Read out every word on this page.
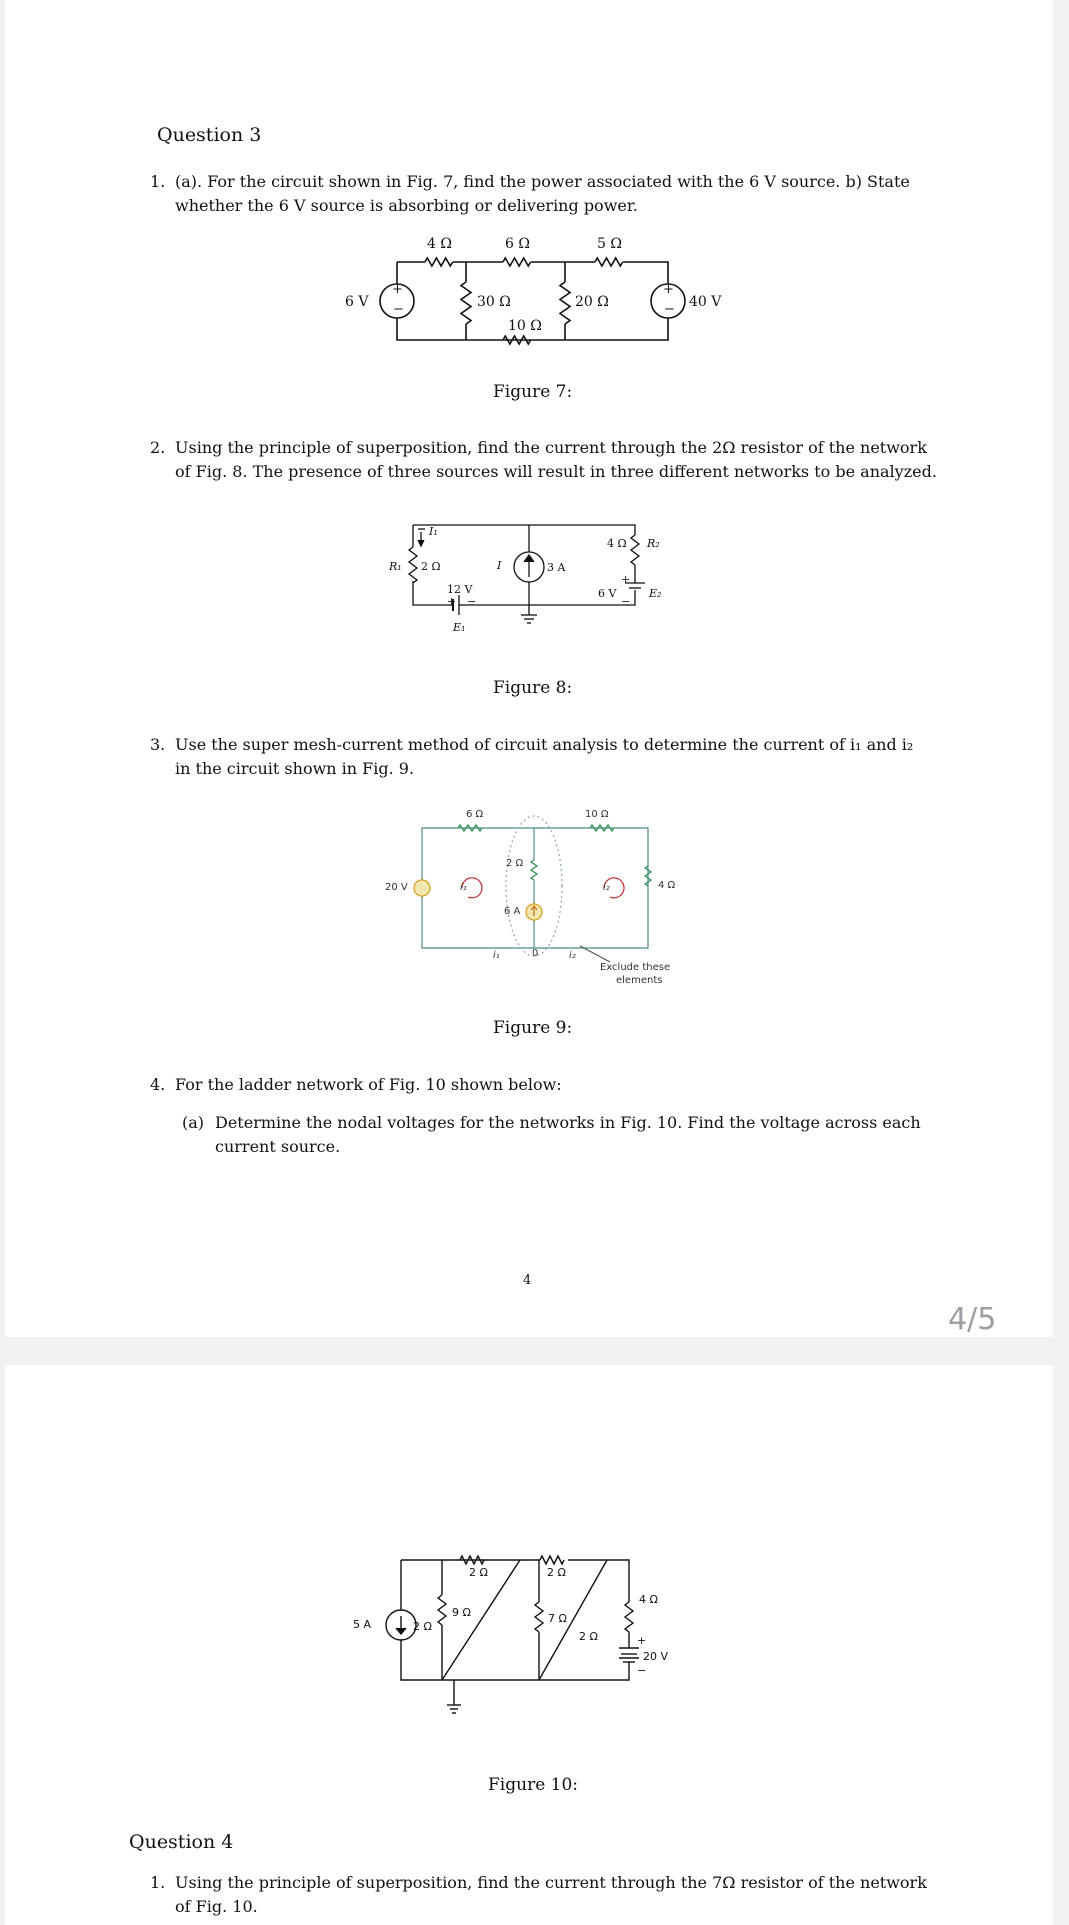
Question 3
1. (a). For the circuit shown in Fig. 7, find the power associated with the 6 V source. b) State
whether the 6 V source is absorbing or delivering power.
4 Ω	6 Ω	5 Ω
30 Ω	20 Ω
10 Ω
6 V	40 V
+
−
+
−
Figure 7:
2. Using the principle of superposition, find the current through the 2Ω resistor of the network
of Fig. 8. The presence of three sources will result in three different networks to be analyzed.
I₁
R₁ 2 Ω
12 V
E₁
I	3 A
4 Ω R₂
6 V	E₂
+
−
+ −
Figure 8:
3. Use the super mesh-current method of circuit analysis to determine the current of i₁ and i₂
in the circuit shown in Fig. 9.
6 Ω	10 Ω
2 Ω
4 Ω
20 V
6 A
i₁	i₂
i₁	i₂
0
Exclude these
elements
Figure 9:
4. For the ladder network of Fig. 10 shown below:
(a) Determine the nodal voltages for the networks in Fig. 10. Find the voltage across each
current source.
4
4/5
5 A	2 Ω
9 Ω
2 Ω
7 Ω
2 Ω
2 Ω
4 Ω
20 V
+
−
Figure 10:
Question 4
1. Using the principle of superposition, find the current through the 7Ω resistor of the network
of Fig. 10.
